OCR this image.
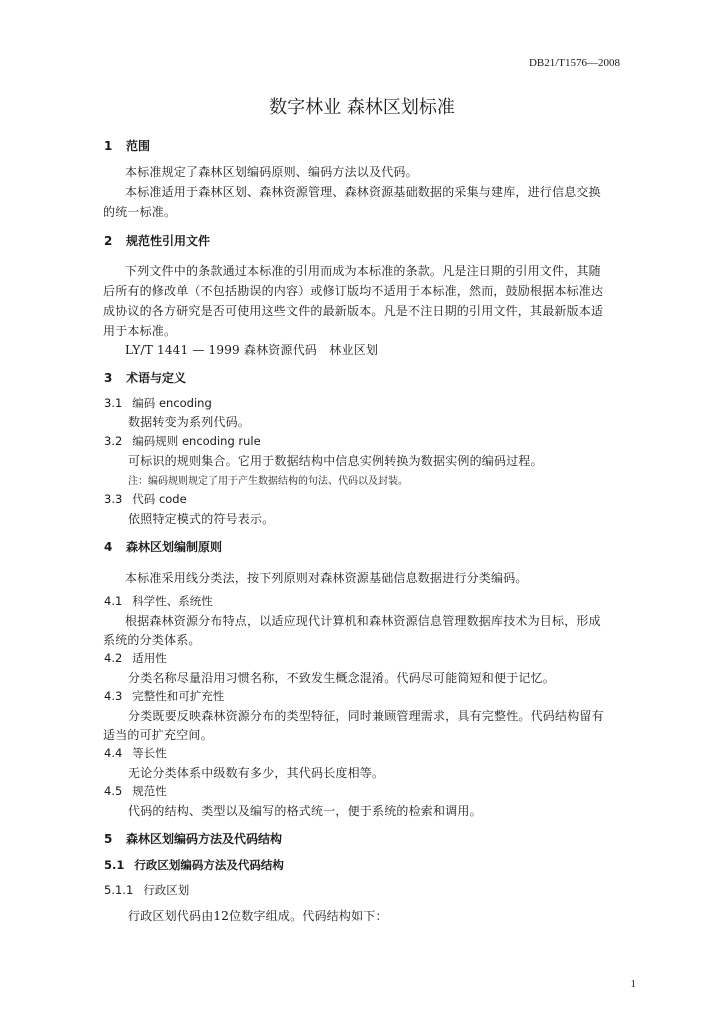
DB21/T1576—2008
数字林业 森林区划标准
1 范围
本标准规定了森林区划编码原则、编码方法以及代码。
本标准适用于森林区划、森林资源管理、森林资源基础数据的采集与建库，进行信息交换
的统一标准。
2 规范性引用文件
下列文件中的条款通过本标准的引用而成为本标准的条款。凡是注日期的引用文件，其随
后所有的修改单（不包括勘误的内容）或修订版均不适用于本标准，然而，鼓励根据本标准达
成协议的各方研究是否可使用这些文件的最新版本。凡是不注日期的引用文件，其最新版本适
用于本标准。
LY/T 1441 — 1999 森林资源代码　林业区划
3 术语与定义
3.1 编码 encoding
数据转变为系列代码。
3.2 编码规则 encoding rule
可标识的规则集合。它用于数据结构中信息实例转换为数据实例的编码过程。
注：编码规则规定了用于产生数据结构的句法、代码以及封装。
3.3 代码 code
依照特定模式的符号表示。
4 森林区划编制原则
本标准采用线分类法，按下列原则对森林资源基础信息数据进行分类编码。
4.1 科学性、系统性
根据森林资源分布特点，以适应现代计算机和森林资源信息管理数据库技术为目标，形成
系统的分类体系。
4.2 适用性
分类名称尽量沿用习惯名称，不致发生概念混淆。代码尽可能简短和便于记忆。
4.3 完整性和可扩充性
分类既要反映森林资源分布的类型特征，同时兼顾管理需求，具有完整性。代码结构留有
适当的可扩充空间。
4.4 等长性
无论分类体系中级数有多少，其代码长度相等。
4.5 规范性
代码的结构、类型以及编写的格式统一，便于系统的检索和调用。
5 森林区划编码方法及代码结构
5.1 行政区划编码方法及代码结构
5.1.1 行政区划
行政区划代码由12位数字组成。代码结构如下：
1
